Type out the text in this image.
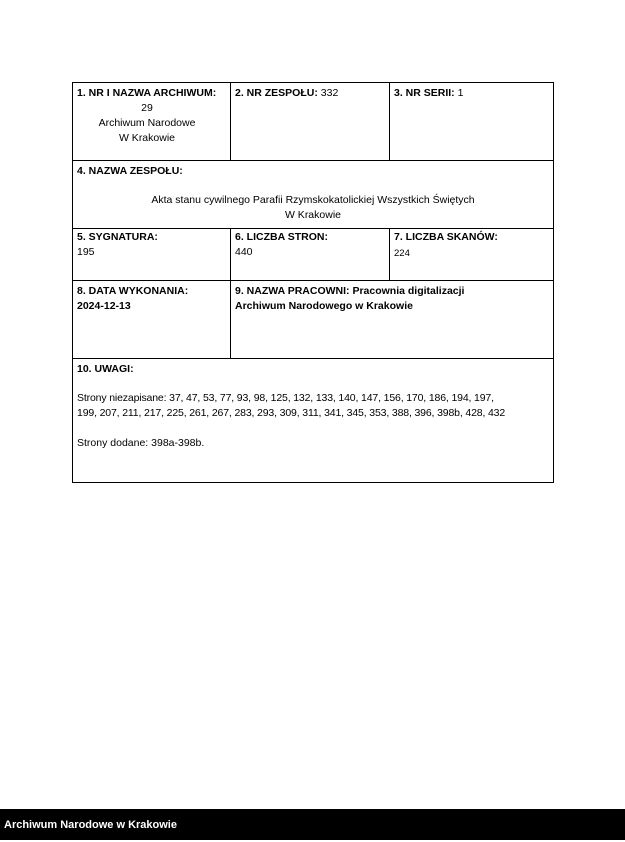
1. NR I NAZWA ARCHIWUM:
29
Archiwum Narodowe
W Krakowie
2. NR ZESPOŁU: 332	3. NR SERII: 1
4. NAZWA ZESPOŁU:
Akta stanu cywilnego Parafii Rzymskokatolickiej Wszystkich Świętych
W Krakowie
5. SYGNATURA:
195
6. LICZBA STRON:
440
7. LICZBA SKANÓW:
224
8. DATA WYKONANIA:
2024-12-13
9. NAZWA PRACOWNI: Pracownia digitalizacji
Archiwum Narodowego w Krakowie
10. UWAGI:
Strony niezapisane: 37, 47, 53, 77, 93, 98, 125, 132, 133, 140, 147, 156, 170, 186, 194, 197,
199, 207, 211, 217, 225, 261, 267, 283, 293, 309, 311, 341, 345, 353, 388, 396, 398b, 428, 432
Strony dodane: 398a-398b.
Archiwum Narodowe w Krakowie
